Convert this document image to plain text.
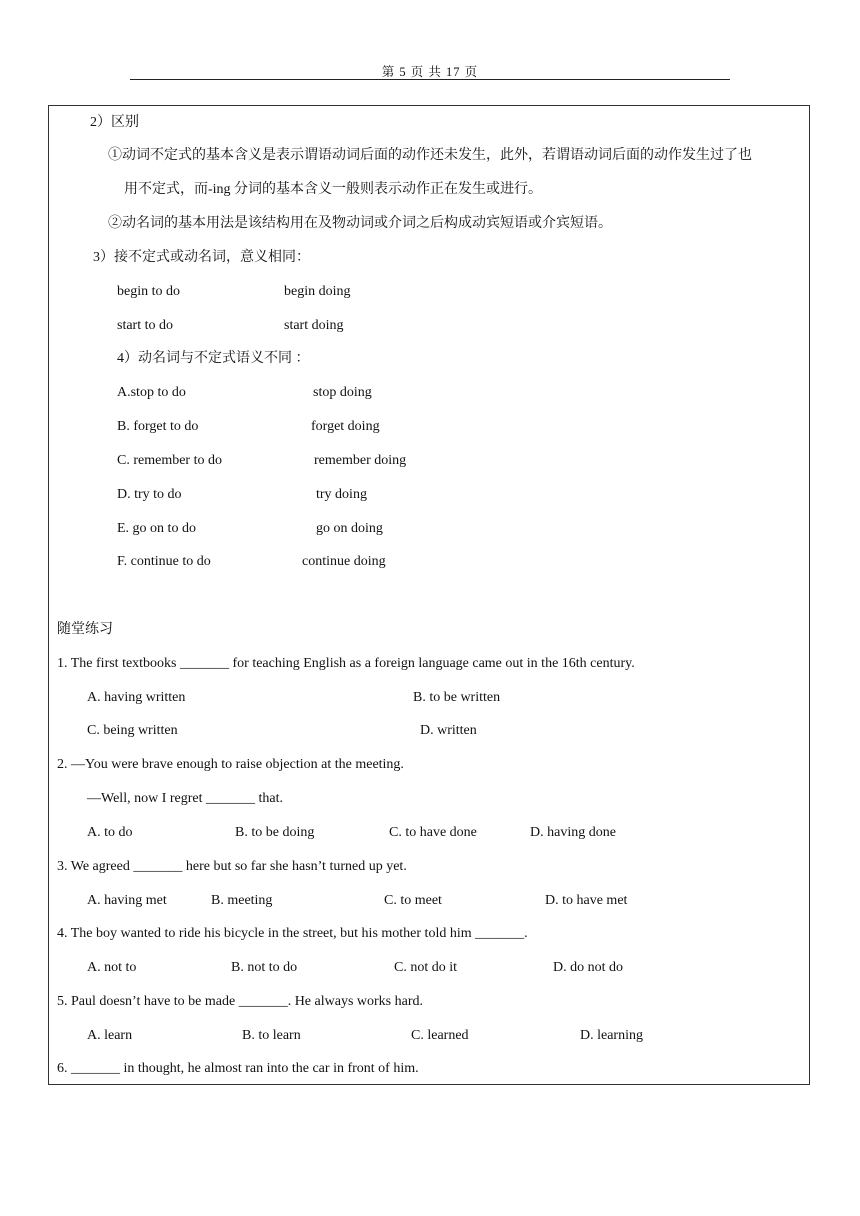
第 5 页 共 17 页
2）区别
①动词不定式的基本含义是表示谓语动词后面的动作还未发生，此外，若谓语动词后面的动作发生过了也
用不定式，而-ing 分词的基本含义一般则表示动作正在发生或进行。
②动名词的基本用法是该结构用在及物动词或介词之后构成动宾短语或介宾短语。
3）接不定式或动名词，意义相同：
begin to do	begin doing
start to do	start doing
4）动名词与不定式语义不同 ：
A.stop to do	stop doing
B. forget to do	forget doing
C. remember to do	remember doing
D. try to do	try doing
E. go on to do	go on doing
F. continue to do	continue doing
随堂练习
1. The first textbooks _______ for teaching English as a foreign language came out in the 16th century.
A. having written	B. to be written
C. being written	D. written
2. —You were brave enough to raise objection at the meeting.
—Well, now I regret _______ that.
A. to do	B. to be doing	C. to have done	D. having done
3. We agreed _______ here but so far she hasn’t turned up yet.
A. having met	B. meeting	C. to meet	D. to have met
4. The boy wanted to ride his bicycle in the street, but his mother told him _______.
A. not to	B. not to do	C. not do it	D. do not do
5. Paul doesn’t have to be made _______. He always works hard.
A. learn	B. to learn	C. learned	D. learning
6. _______ in thought, he almost ran into the car in front of him.
